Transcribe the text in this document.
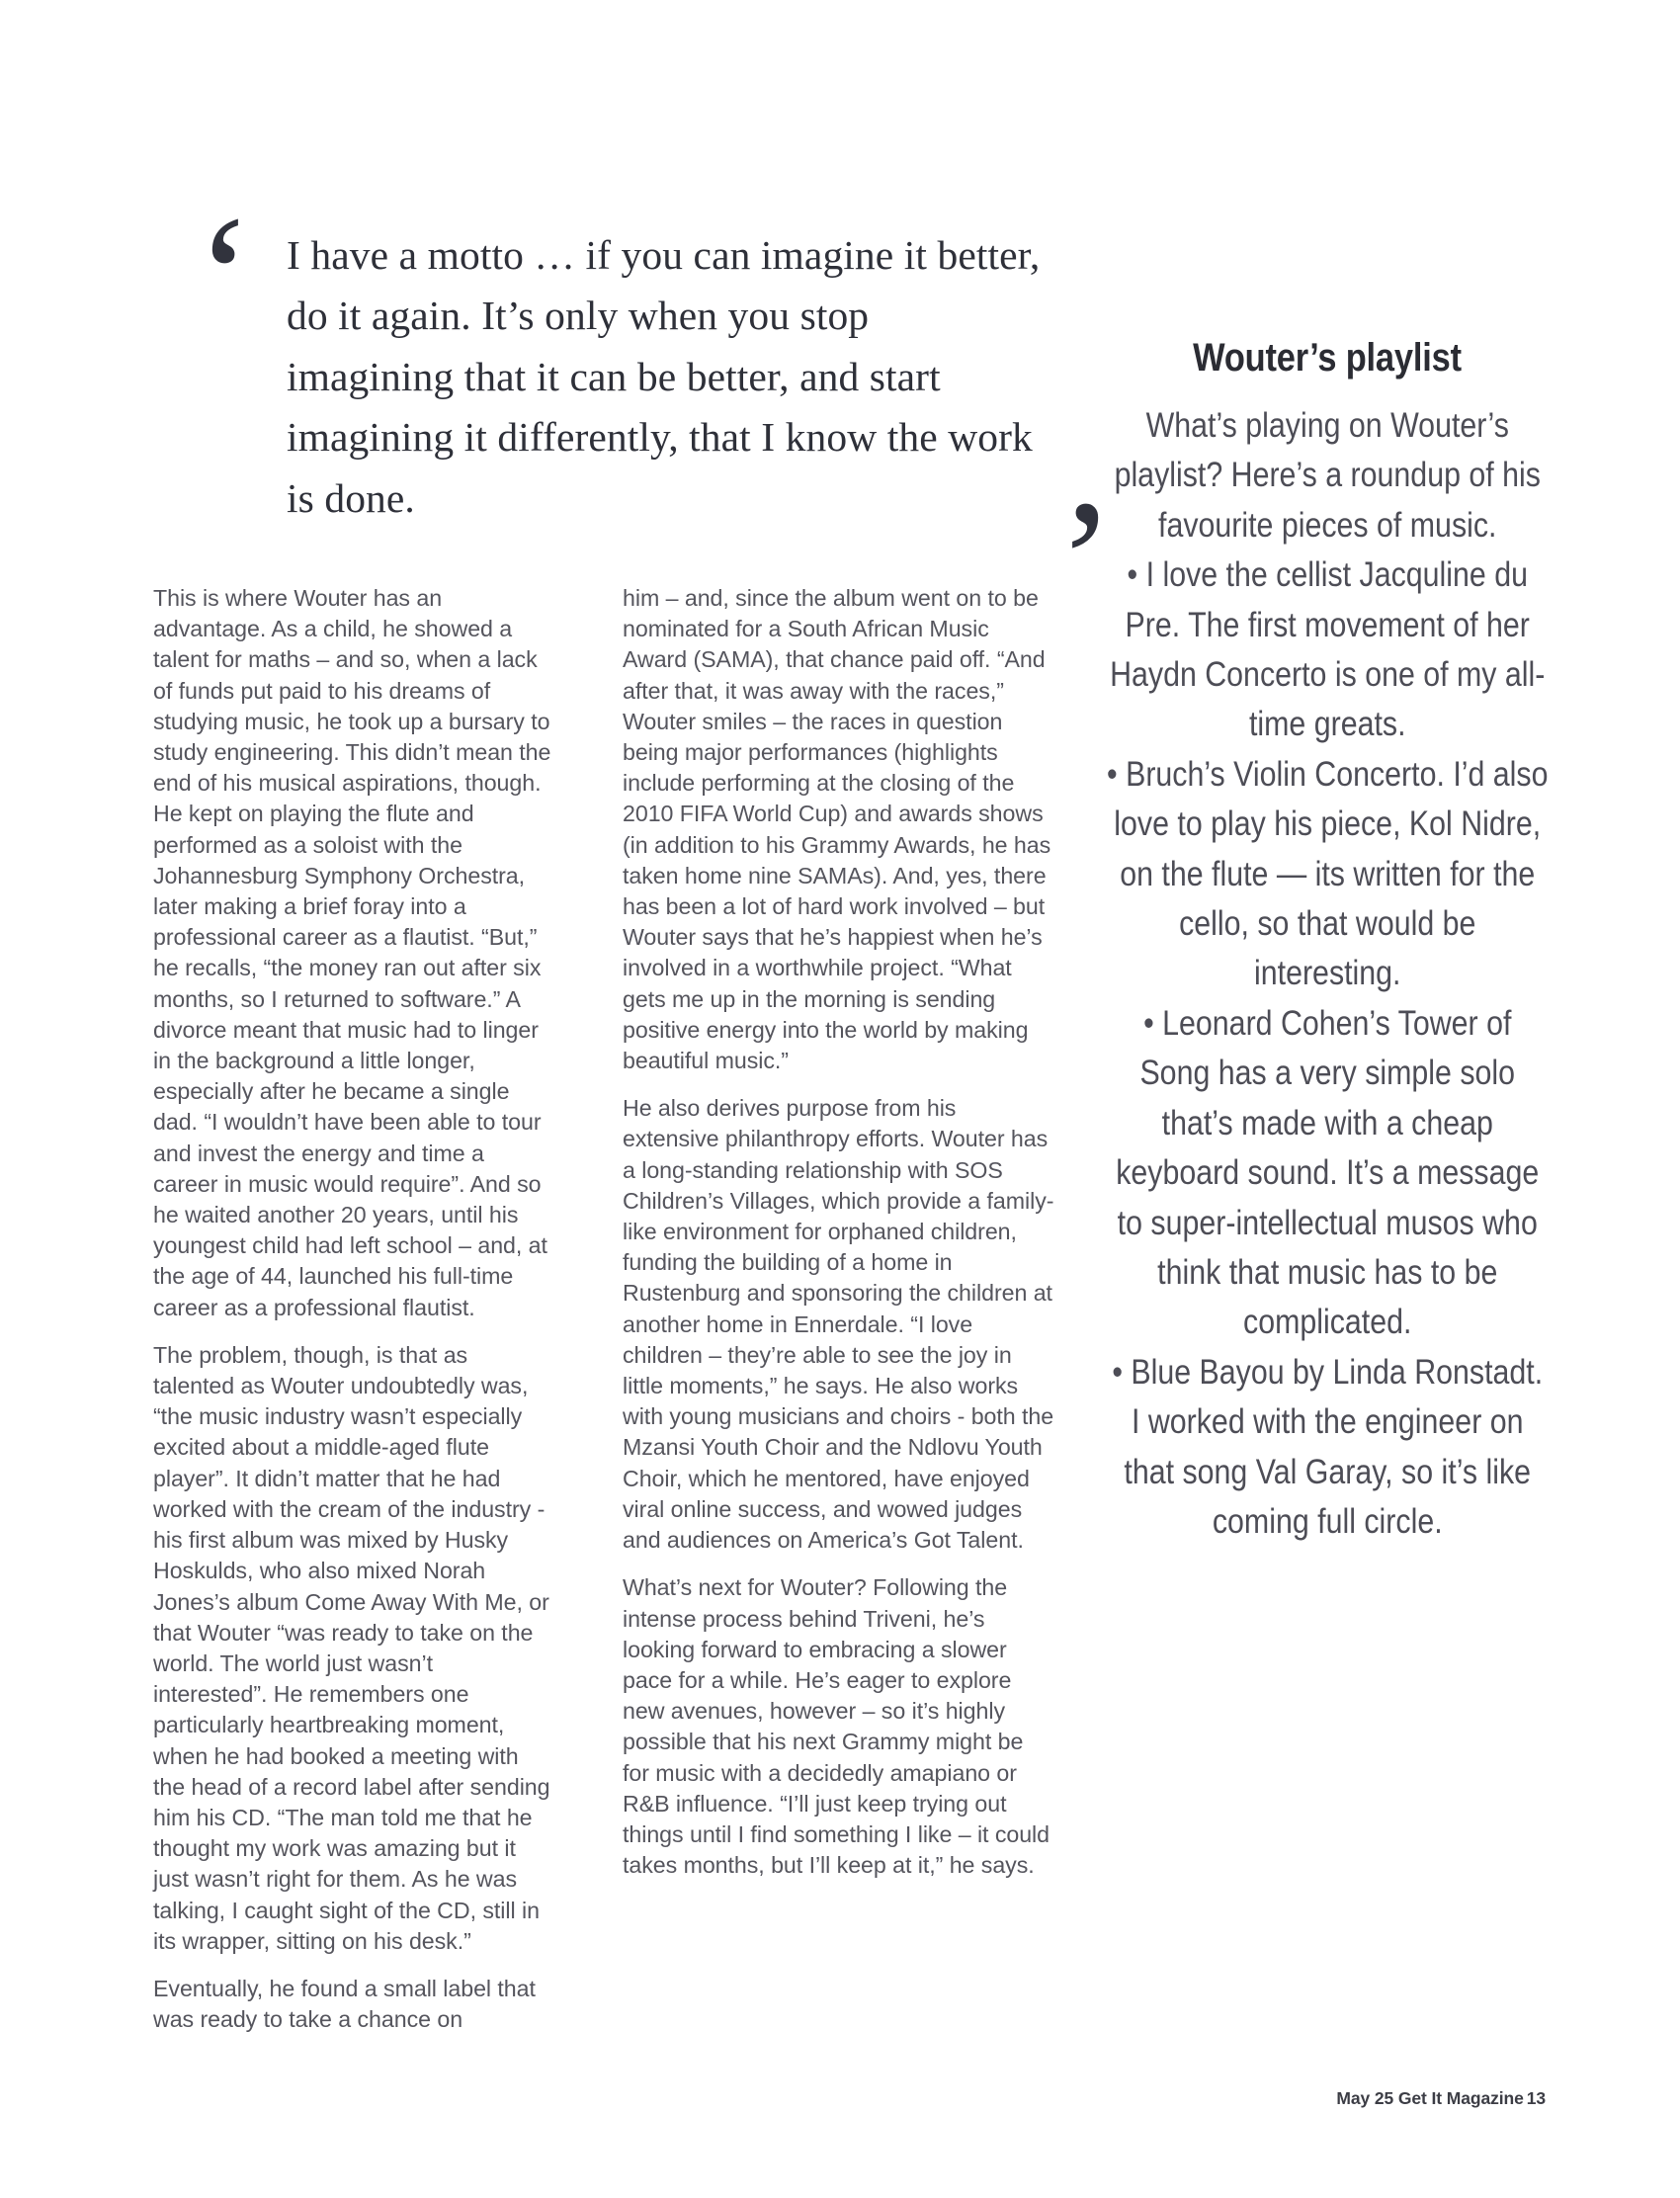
‘ I have a motto … if you can imagine it better, do it again. It’s only when you stop imagining that it can be better, and start imagining it differently, that I know the work is done.	’

This is where Wouter has an advantage. As a child, he showed a talent for maths – and so, when a lack of funds put paid to his dreams of studying music, he took up a bursary to study engineering. This didn’t mean the end of his musical aspirations, though. He kept on playing the flute and performed as a soloist with the Johannesburg Symphony Orchestra, later making a brief foray into a professional career as a flautist. “But,” he recalls, “the money ran out after six months, so I returned to software.” A divorce meant that music had to linger in the background a little longer, especially after he became a single dad. “I wouldn’t have been able to tour and invest the energy and time a career in music would require”. And so he waited another 20 years, until his youngest child had left school – and, at the age of 44, launched his full-time career as a professional flautist.

The problem, though, is that as talented as Wouter undoubtedly was, “the music industry wasn’t especially excited about a middle-aged flute player”. It didn’t matter that he had worked with the cream of the industry - his first album was mixed by Husky Hoskulds, who also mixed Norah Jones’s album Come Away With Me, or that Wouter “was ready to take on the world. The world just wasn’t interested”. He remembers one particularly heartbreaking moment, when he had booked a meeting with the head of a record label after sending him his CD. “The man told me that he thought my work was amazing but it just wasn’t right for them. As he was talking, I caught sight of the CD, still in its wrapper, sitting on his desk.”

Eventually, he found a small label that was ready to take a chance on

him – and, since the album went on to be nominated for a South African Music Award (SAMA), that chance paid off. “And after that, it was away with the races,” Wouter smiles – the races in question being major performances (highlights include performing at the closing of the 2010 FIFA World Cup) and awards shows (in addition to his Grammy Awards, he has taken home nine SAMAs). And, yes, there has been a lot of hard work involved – but Wouter says that he’s happiest when he’s involved in a worthwhile project. “What gets me up in the morning is sending positive energy into the world by making beautiful music.”

He also derives purpose from his extensive philanthropy efforts. Wouter has a long-standing relationship with SOS Children’s Villages, which provide a family-like environment for orphaned children, funding the building of a home in Rustenburg and sponsoring the children at another home in Ennerdale. “I love children – they’re able to see the joy in little moments,” he says. He also works with young musicians and choirs - both the Mzansi Youth Choir and the Ndlovu Youth Choir, which he mentored, have enjoyed viral online success, and wowed judges and audiences on America’s Got Talent.

What’s next for Wouter? Following the intense process behind Triveni, he’s looking forward to embracing a slower pace for a while. He’s eager to explore new avenues, however – so it’s highly possible that his next Grammy might be for music with a decidedly amapiano or R&B influence. “I’ll just keep trying out things until I find something I like – it could takes months, but I’ll keep at it,” he says.

Wouter’s playlist

What’s playing on Wouter’s playlist? Here’s a roundup of his favourite pieces of music.

• I love the cellist Jacquline du Pre. The first movement of her Haydn Concerto is one of my all-time greats.

• Bruch’s Violin Concerto. I’d also love to play his piece, Kol Nidre, on the flute — its written for the cello, so that would be interesting.

• Leonard Cohen’s Tower of Song has a very simple solo that’s made with a cheap keyboard sound. It’s a message to super-intellectual musos who think that music has to be complicated.

• Blue Bayou by Linda Ronstadt. I worked with the engineer on that song Val Garay, so it’s like coming full circle.

May 25 Get It Magazine 13
